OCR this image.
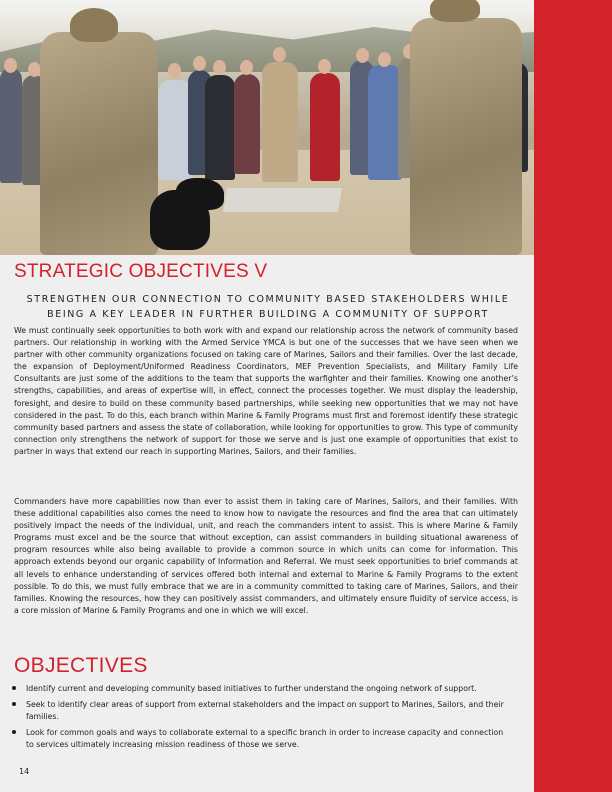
STRATEGIC OBJECTIVES V
STRENGTHEN OUR CONNECTION TO COMMUNITY BASED STAKEHOLDERS WHILE BEING A KEY LEADER IN FURTHER BUILDING A COMMUNITY OF SUPPORT

We must continually seek opportunities to both work with and expand our relationship across the network of community based partners. Our relationship in working with the Armed Service YMCA is but one of the successes that we have seen when we partner with other community organizations focused on taking care of Marines, Sailors and their families. Over the last decade, the expansion of Deployment/Uniformed Readiness Coordinators, MEF Prevention Specialists, and Military Family Life Consultants are just some of the additions to the team that supports the warfighter and their families. Knowing one another’s strengths, capabilities, and areas of expertise will, in effect, connect the processes together. We must display the leadership, foresight, and desire to build on these community based partnerships, while seeking new opportunities that we may not have considered in the past. To do this, each branch within Marine & Family Programs must first and foremost identify these strategic community based partners and assess the state of collaboration, while looking for opportunities to grow. This type of community connection only strengthens the network of support for those we serve and is just one example of opportunities that exist to partner in ways that extend our reach in supporting Marines, Sailors, and their families.

Commanders have more capabilities now than ever to assist them in taking care of Marines, Sailors, and their families. With these additional capabilities also comes the need to know how to navigate the resources and find the area that can ultimately positively impact the needs of the individual, unit, and reach the commanders intent to assist. This is where Marine & Family Programs must excel and be the source that without exception, can assist commanders in building situational awareness of program resources while also being available to provide a common source in which units can come for information. This approach extends beyond our organic capability of Information and Referral. We must seek opportunities to brief commands at all levels to enhance understanding of services offered both internal and external to Marine & Family Programs to the extent possible. To do this, we must fully embrace that we are in a community committed to taking care of Marines, Sailors, and their families. Knowing the resources, how they can positively assist commanders, and ultimately ensure fluidity of service access, is a core mission of Marine & Family Programs and one in which we will excel.

OBJECTIVES
Identify current and developing community based initiatives to further understand the ongoing network of support.
Seek to identify clear areas of support from external stakeholders and the impact on support to Marines, Sailors, and their families.
Look for common goals and ways to collaborate external to a specific branch in order to increase capacity and connection to services ultimately increasing mission readiness of those we serve.
14
